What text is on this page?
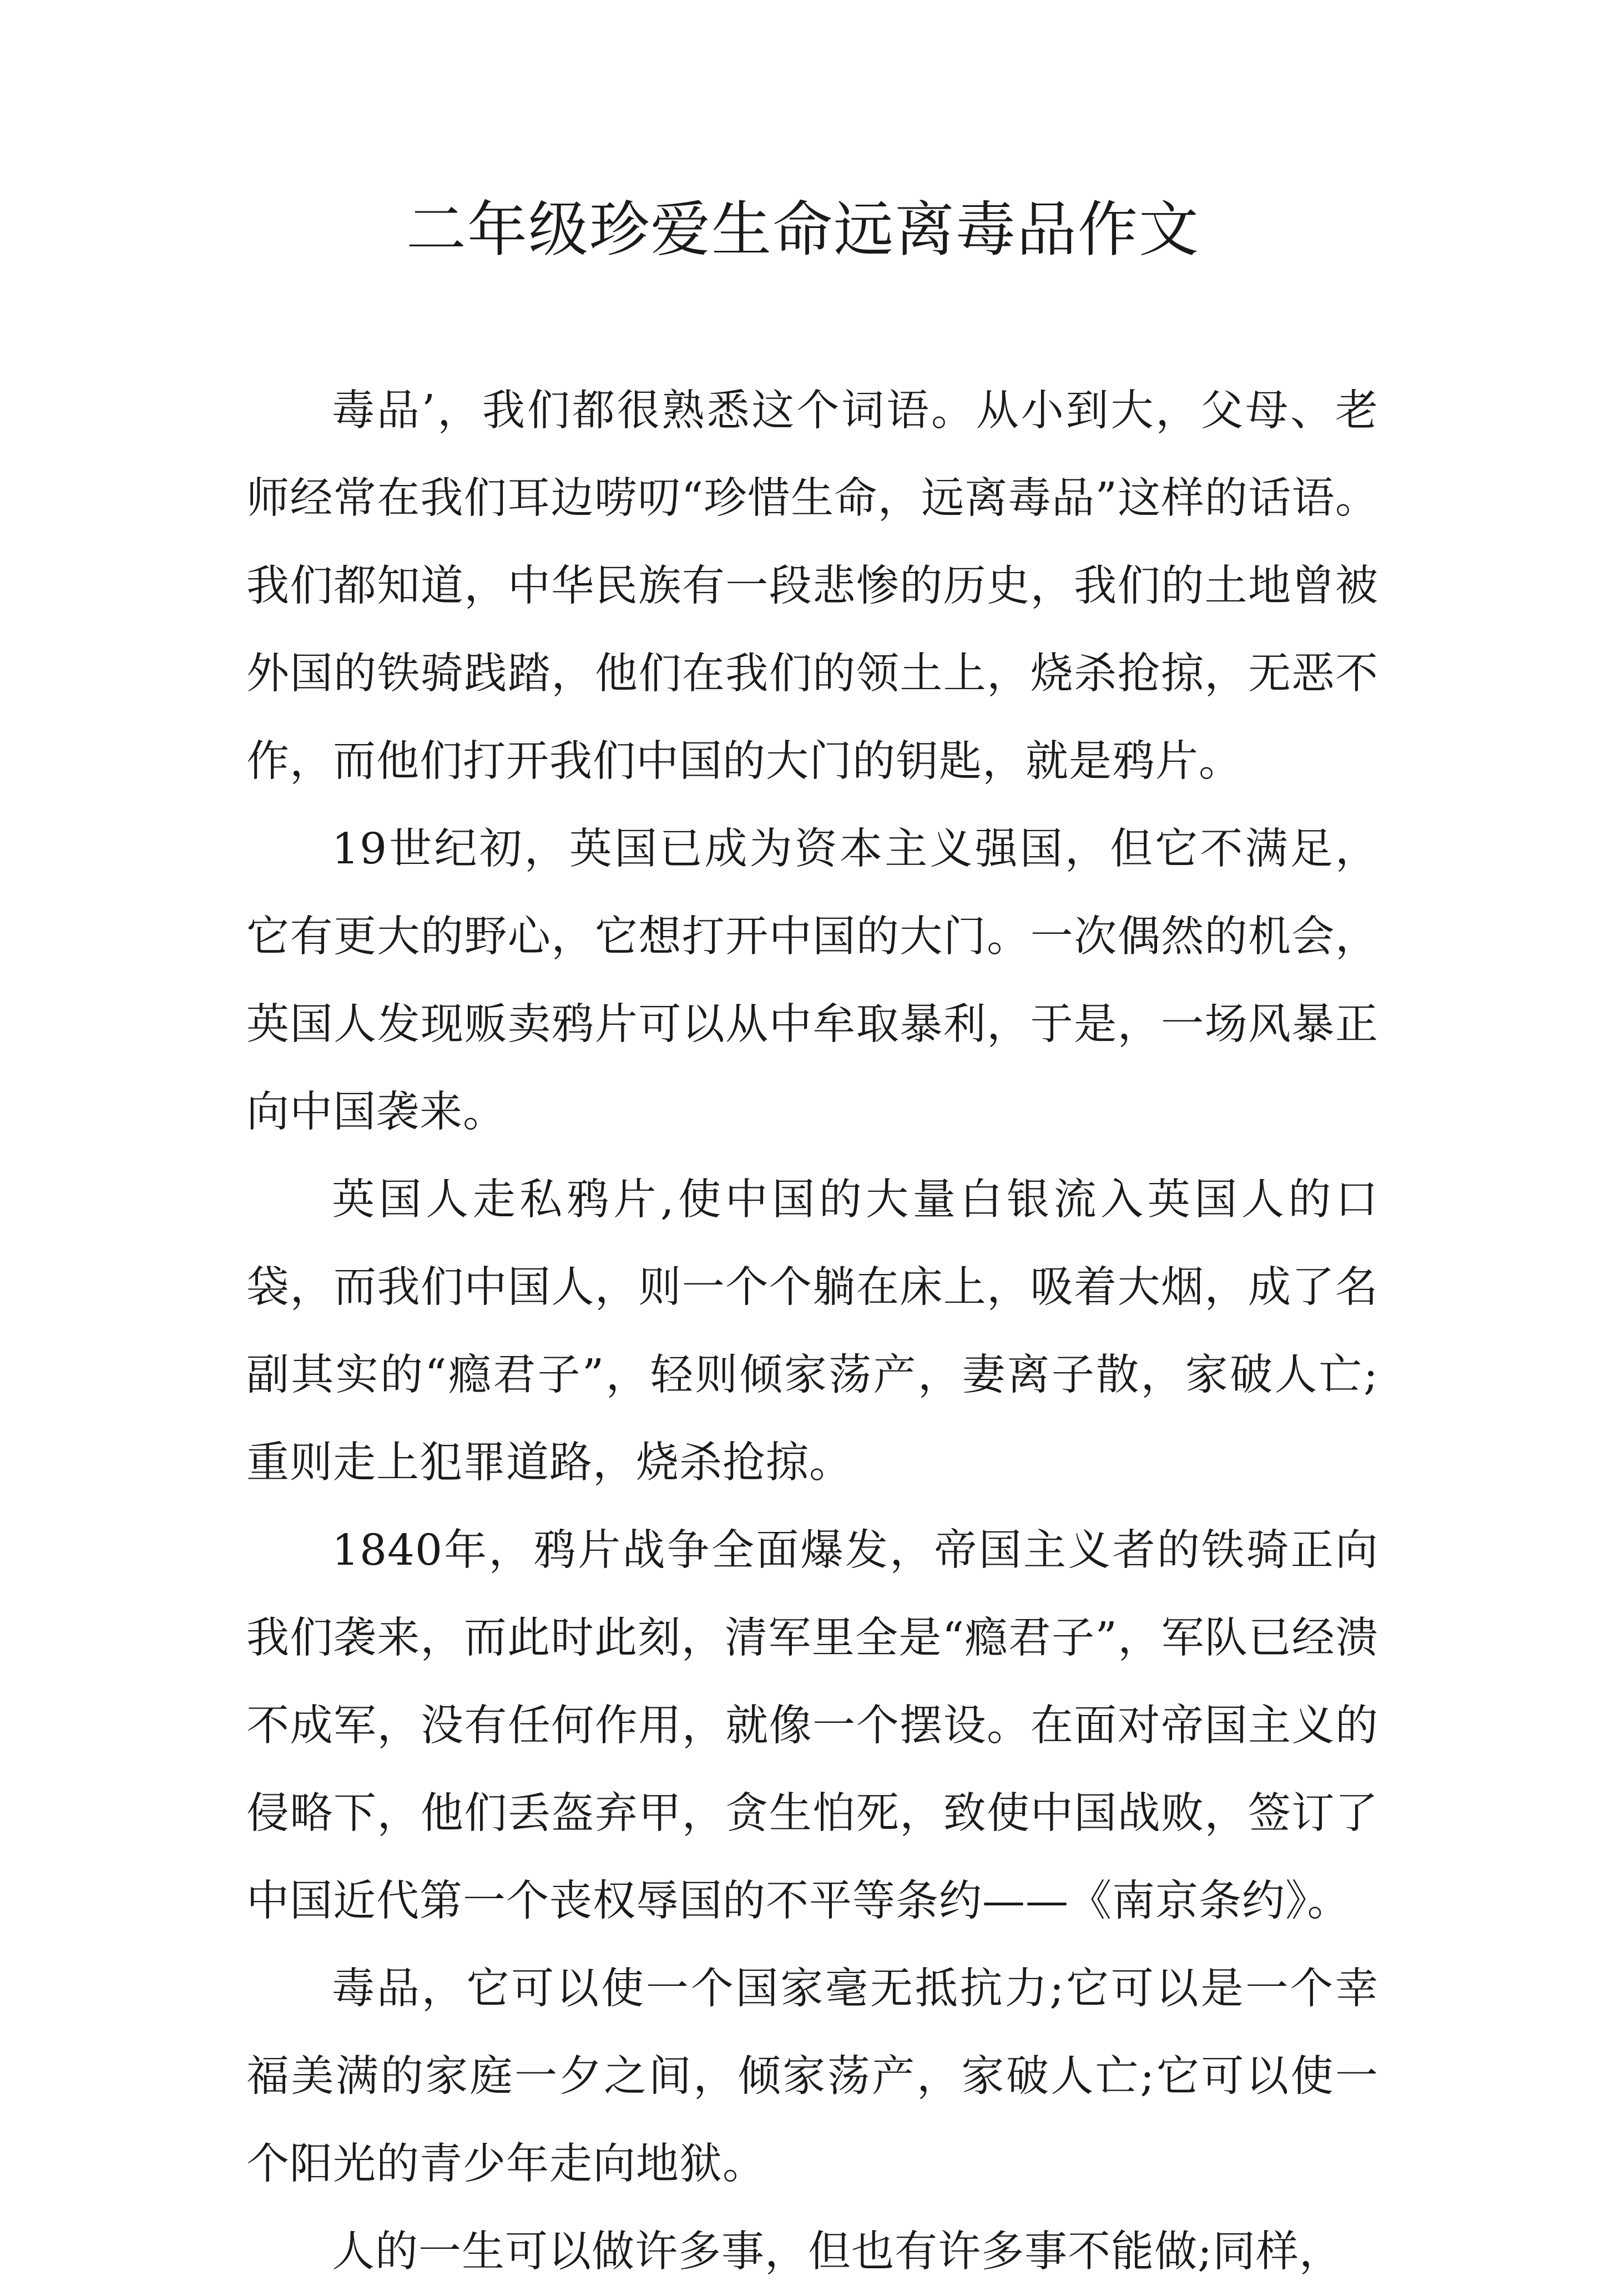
二年级珍爱生命远离毒品作文

毒品’，我们都很熟悉这个词语。从小到大，父母、老师经常在我们耳边唠叨“珍惜生命，远离毒品”这样的话语。我们都知道，中华民族有一段悲惨的历史，我们的土地曾被外国的铁骑践踏，他们在我们的领土上，烧杀抢掠，无恶不作，而他们打开我们中国的大门的钥匙，就是鸦片。

19世纪初，英国已成为资本主义强国，但它不满足，它有更大的野心，它想打开中国的大门。一次偶然的机会，英国人发现贩卖鸦片可以从中牟取暴利，于是，一场风暴正向中国袭来。

英国人走私鸦片,使中国的大量白银流入英国人的口袋，而我们中国人，则一个个躺在床上，吸着大烟，成了名副其实的“瘾君子”，轻则倾家荡产，妻离子散，家破人亡;重则走上犯罪道路，烧杀抢掠。

1840年，鸦片战争全面爆发，帝国主义者的铁骑正向我们袭来，而此时此刻，清军里全是“瘾君子”，军队已经溃不成军，没有任何作用，就像一个摆设。在面对帝国主义的侵略下，他们丢盔弃甲，贪生怕死，致使中国战败，签订了中国近代第一个丧权辱国的不平等条约——《南京条约》。

毒品，它可以使一个国家毫无抵抗力;它可以是一个幸福美满的家庭一夕之间，倾家荡产，家破人亡;它可以使一个阳光的青少年走向地狱。

人的一生可以做许多事，但也有许多事不能做;同样，
